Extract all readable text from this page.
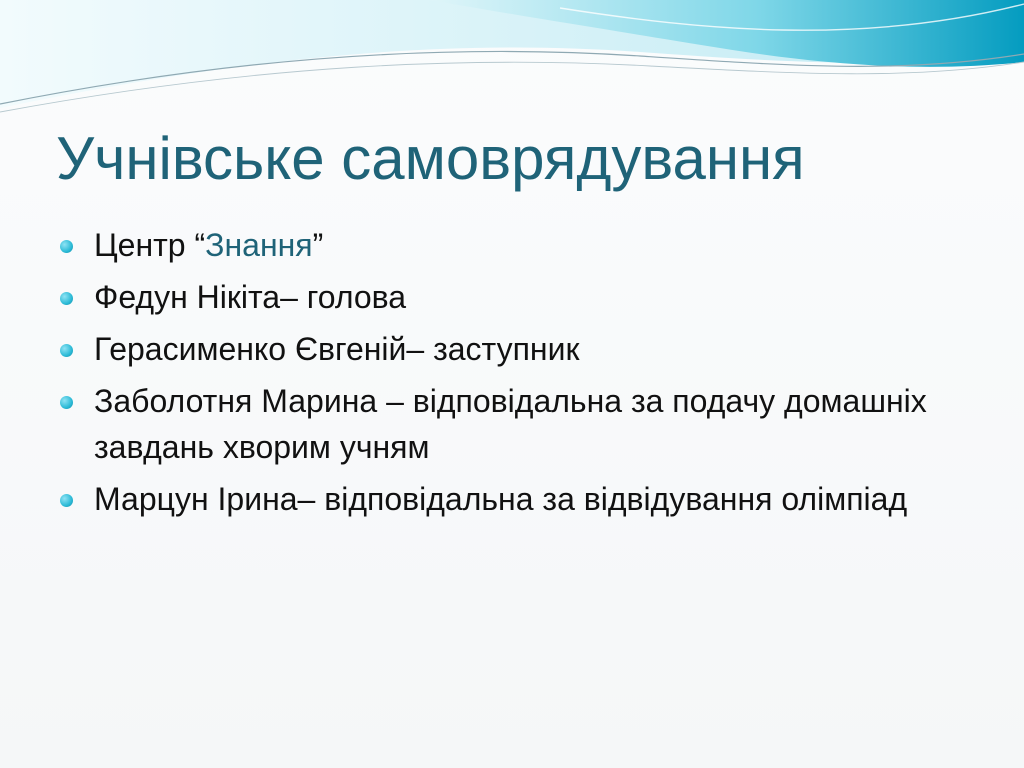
Учнівське самоврядування
Центр “Знання”
Федун Нікіта– голова
Герасименко Євгеній– заступник
Заболотня Марина – відповідальна за подачу домашніх завдань хворим учням
Марцун Ірина– відповідальна за відвідування олімпіад
